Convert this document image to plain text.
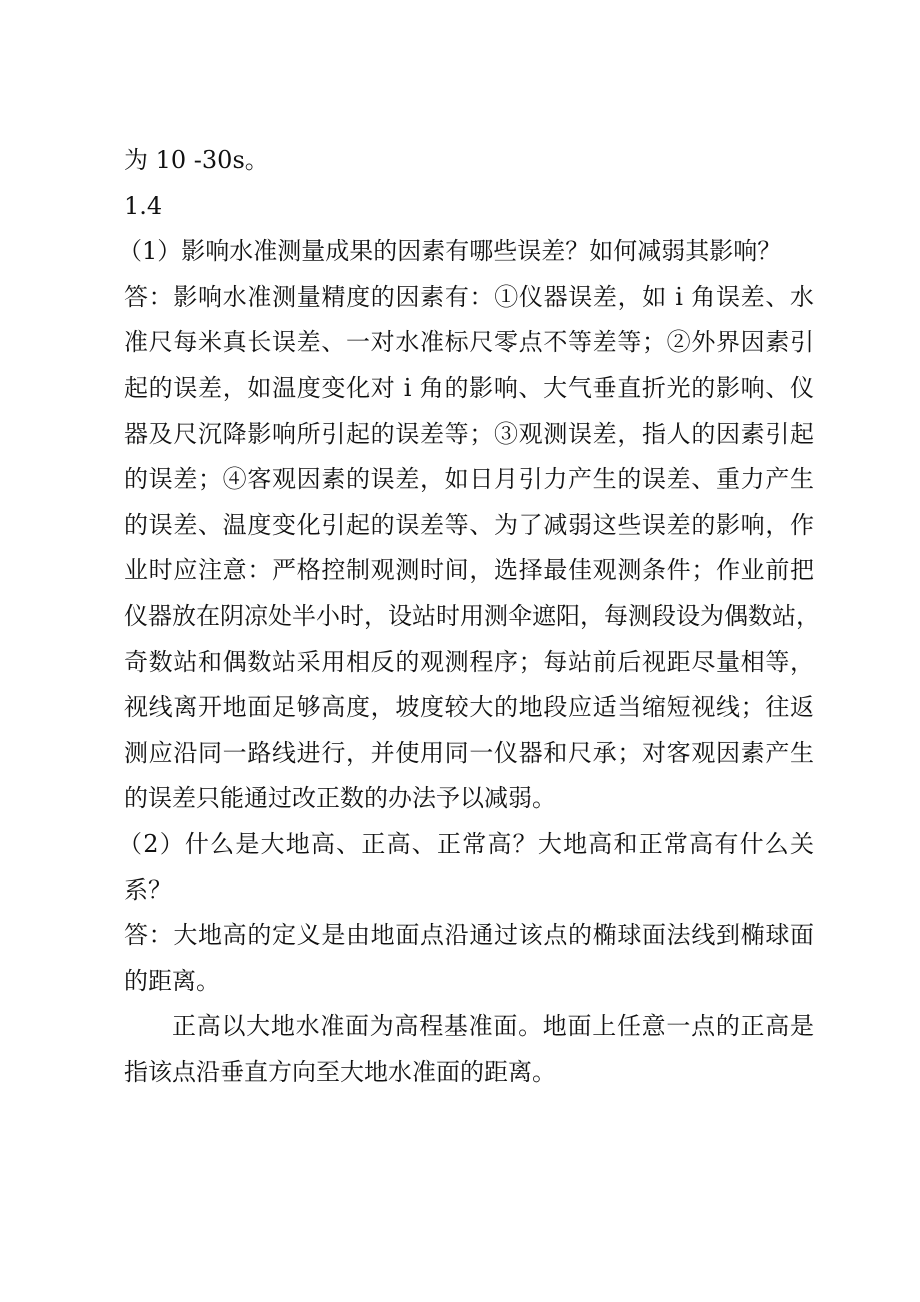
为 10 -30s。
1.4
（1）影响水准测量成果的因素有哪些误差？如何减弱其影响？
答：影响水准测量精度的因素有：①仪器误差，如 i 角误差、水
准尺每米真长误差、一对水准标尺零点不等差等；②外界因素引
起的误差，如温度变化对 i 角的影响、大气垂直折光的影响、仪
器及尺沉降影响所引起的误差等；③观测误差，指人的因素引起
的误差；④客观因素的误差，如日月引力产生的误差、重力产生
的误差、温度变化引起的误差等、为了减弱这些误差的影响，作
业时应注意：严格控制观测时间，选择最佳观测条件；作业前把
仪器放在阴凉处半小时，设站时用测伞遮阳，每测段设为偶数站，
奇数站和偶数站采用相反的观测程序；每站前后视距尽量相等，
视线离开地面足够高度，坡度较大的地段应适当缩短视线；往返
测应沿同一路线进行，并使用同一仪器和尺承；对客观因素产生
的误差只能通过改正数的办法予以减弱。
（2）什么是大地高、正高、正常高？大地高和正常高有什么关
系？
答：大地高的定义是由地面点沿通过该点的椭球面法线到椭球面
的距离。
正高以大地水准面为高程基准面。地面上任意一点的正高是
指该点沿垂直方向至大地水准面的距离。
